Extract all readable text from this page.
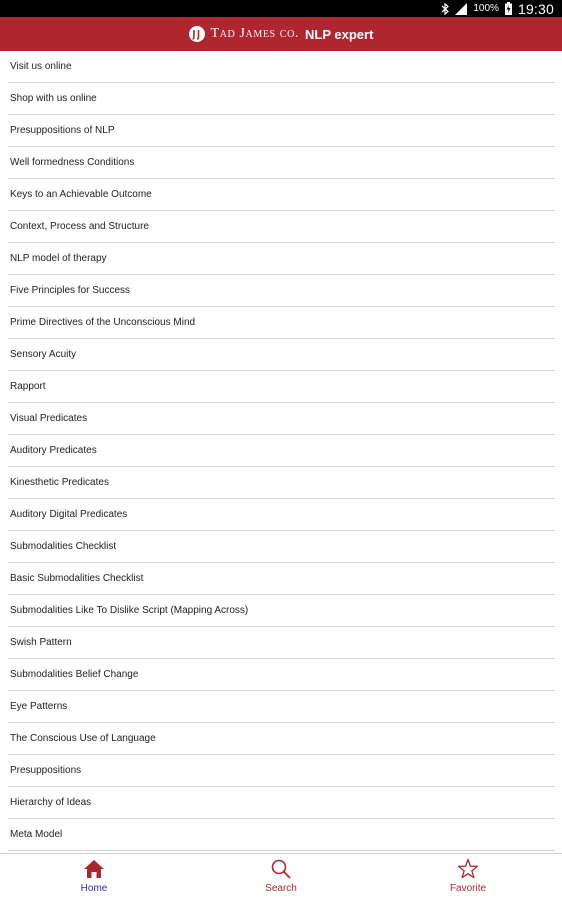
100% 19:30
Tad James co. NLP expert
Visit us online
Shop with us online
Presuppositions of NLP
Well formedness Conditions
Keys to an Achievable Outcome
Context, Process and Structure
NLP model of therapy
Five Principles for Success
Prime Directives of the Unconscious Mind
Sensory Acuity
Rapport
Visual Predicates
Auditory Predicates
Kinesthetic Predicates
Auditory Digital Predicates
Submodalities Checklist
Basic Submodalities Checklist
Submodalities Like To Dislike Script (Mapping Across)
Swish Pattern
Submodalities Belief Change
Eye Patterns
The Conscious Use of Language
Presuppositions
Hierarchy of Ideas
Meta Model
Home	Search	Favorite
